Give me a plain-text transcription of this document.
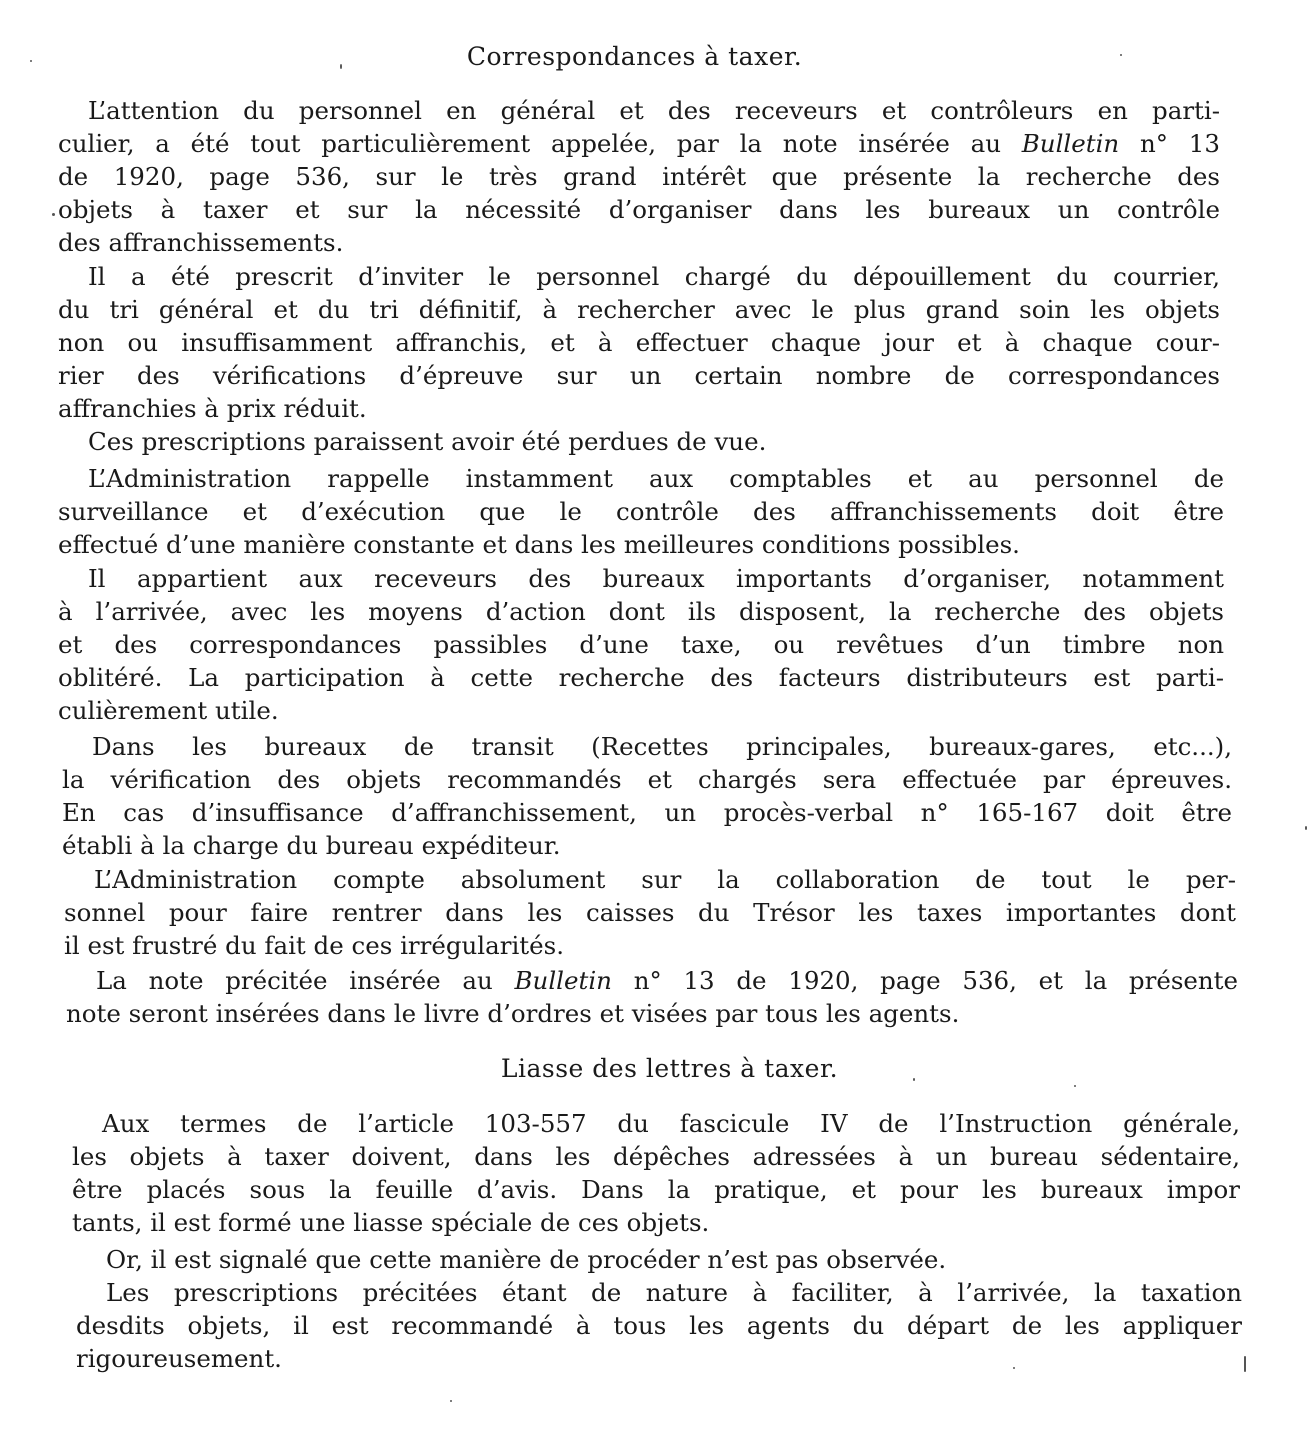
Correspondances à taxer.
L’attention du personnel en général et des receveurs et contrôleurs en parti-
culier, a été tout particulièrement appelée, par la note insérée au Bulletin n° 13
de 1920, page 536, sur le très grand intérêt que présente la recherche des
objets à taxer et sur la nécessité d’organiser dans les bureaux un contrôle
des affranchissements.
Il a été prescrit d’inviter le personnel chargé du dépouillement du courrier,
du tri général et du tri définitif, à rechercher avec le plus grand soin les objets
non ou insuffisamment affranchis, et à effectuer chaque jour et à chaque cour-
rier des vérifications d’épreuve sur un certain nombre de correspondances
affranchies à prix réduit.
Ces prescriptions paraissent avoir été perdues de vue.
L’Administration rappelle instamment aux comptables et au personnel de
surveillance et d’exécution que le contrôle des affranchissements doit être
effectué d’une manière constante et dans les meilleures conditions possibles.
Il appartient aux receveurs des bureaux importants d’organiser, notamment
à l’arrivée, avec les moyens d’action dont ils disposent, la recherche des objets
et des correspondances passibles d’une taxe, ou revêtues d’un timbre non
oblitéré. La participation à cette recherche des facteurs distributeurs est parti-
culièrement utile.
Dans les bureaux de transit (Recettes principales, bureaux-gares, etc...),
la vérification des objets recommandés et chargés sera effectuée par épreuves.
En cas d’insuffisance d’affranchissement, un procès-verbal n° 165-167 doit être
établi à la charge du bureau expéditeur.
L’Administration compte absolument sur la collaboration de tout le per-
sonnel pour faire rentrer dans les caisses du Trésor les taxes importantes dont
il est frustré du fait de ces irrégularités.
La note précitée insérée au Bulletin n° 13 de 1920, page 536, et la présente
note seront insérées dans le livre d’ordres et visées par tous les agents.
Liasse des lettres à taxer.
Aux termes de l’article 103-557 du fascicule IV de l’Instruction générale,
les objets à taxer doivent, dans les dépêches adressées à un bureau sédentaire,
être placés sous la feuille d’avis. Dans la pratique, et pour les bureaux impor
tants, il est formé une liasse spéciale de ces objets.
Or, il est signalé que cette manière de procéder n’est pas observée.
Les prescriptions précitées étant de nature à faciliter, à l’arrivée, la taxation
desdits objets, il est recommandé à tous les agents du départ de les appliquer
rigoureusement.
